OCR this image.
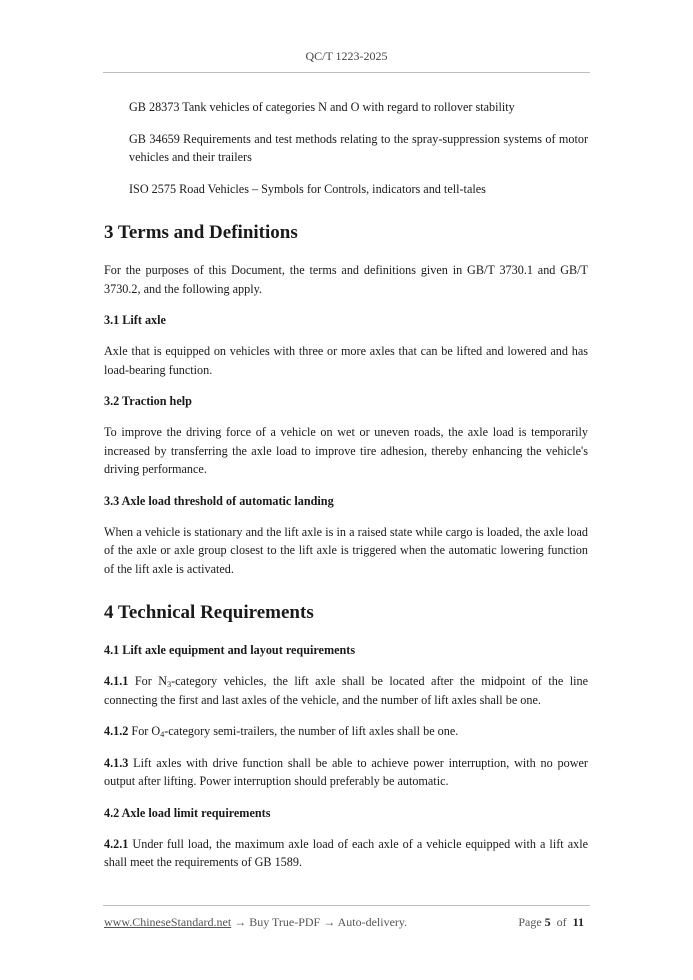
QC/T 1223-2025

GB 28373 Tank vehicles of categories N and O with regard to rollover stability

GB 34659 Requirements and test methods relating to the spray-suppression systems of motor vehicles and their trailers

ISO 2575 Road Vehicles – Symbols for Controls, indicators and tell-tales

3 Terms and Definitions

For the purposes of this Document, the terms and definitions given in GB/T 3730.1 and GB/T 3730.2, and the following apply.

3.1 Lift axle

Axle that is equipped on vehicles with three or more axles that can be lifted and lowered and has load-bearing function.

3.2 Traction help

To improve the driving force of a vehicle on wet or uneven roads, the axle load is temporarily increased by transferring the axle load to improve tire adhesion, thereby enhancing the vehicle's driving performance.

3.3 Axle load threshold of automatic landing

When a vehicle is stationary and the lift axle is in a raised state while cargo is loaded, the axle load of the axle or axle group closest to the lift axle is triggered when the automatic lowering function of the lift axle is activated.

4 Technical Requirements
4.1 Lift axle equipment and layout requirements

4.1.1 For $N_3$-category vehicles, the lift axle shall be located after the midpoint of the line connecting the first and last axles of the vehicle, and the number of lift axles shall be one.

4.1.2 For $O_4$-category semi-trailers, the number of lift axles shall be one.

4.1.3 Lift axles with drive function shall be able to achieve power interruption, with no power output after lifting. Power interruption should preferably be automatic.

4.2 Axle load limit requirements

4.2.1 Under full load, the maximum axle load of each axle of a vehicle equipped with a lift axle shall meet the requirements of GB 1589.

www.ChineseStandard.net → Buy True-PDF → Auto-delivery.	Page 5 of 11
